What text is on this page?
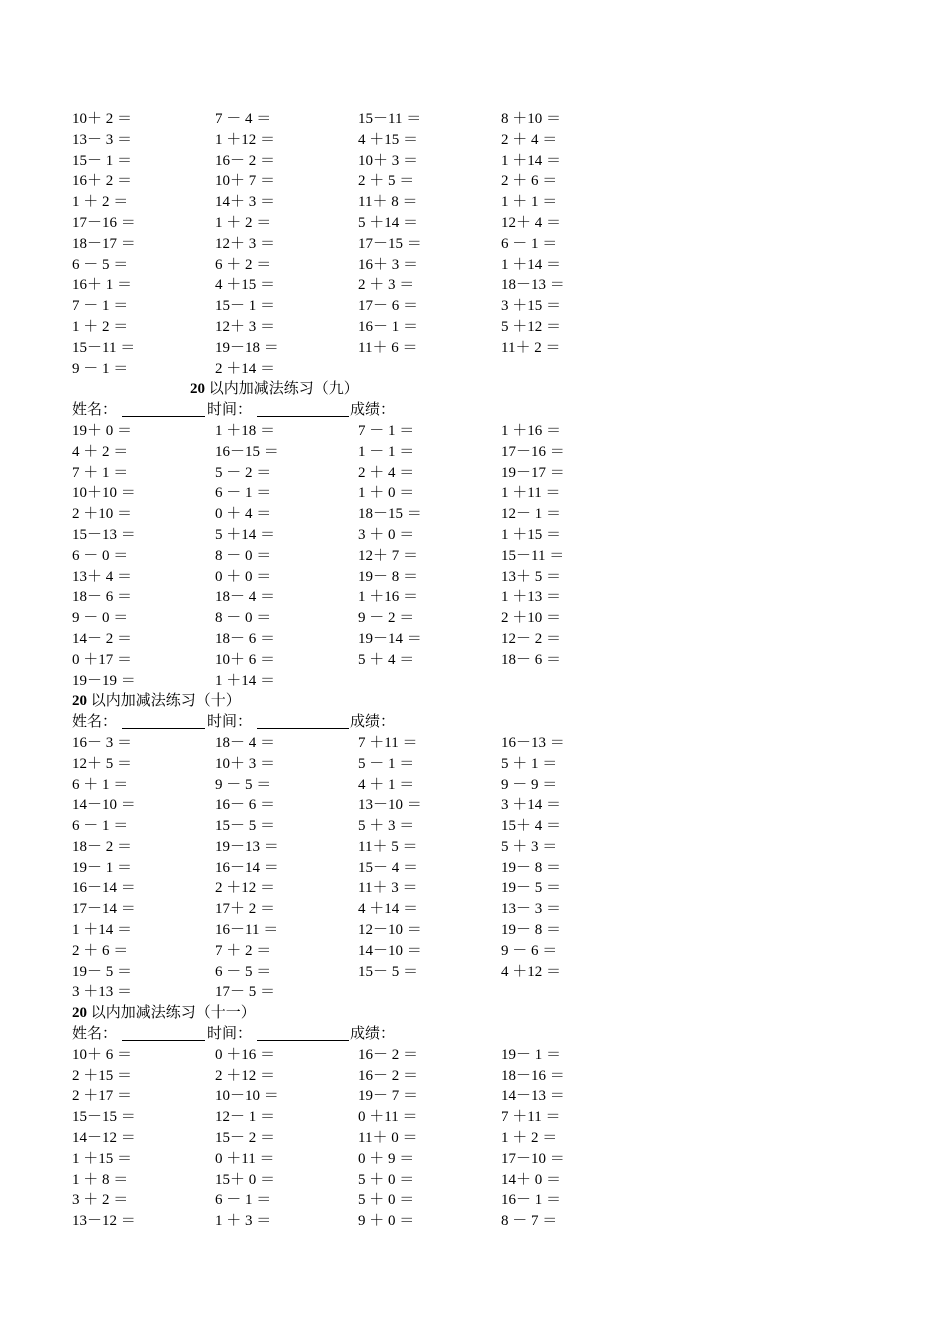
10＋ 2 ＝	7 － 4 ＝	15－11 ＝	8 ＋10 ＝
13－ 3 ＝	1 ＋12 ＝	4 ＋15 ＝	2 ＋ 4 ＝
15－ 1 ＝	16－ 2 ＝	10＋ 3 ＝	1 ＋14 ＝
16＋ 2 ＝	10＋ 7 ＝	2 ＋ 5 ＝	2 ＋ 6 ＝
1 ＋ 2 ＝	14＋ 3 ＝	11＋ 8 ＝	1 ＋ 1 ＝
17－16 ＝	1 ＋ 2 ＝	5 ＋14 ＝	12＋ 4 ＝
18－17 ＝	12＋ 3 ＝	17－15 ＝	6 － 1 ＝
6 － 5 ＝	6 ＋ 2 ＝	16＋ 3 ＝	1 ＋14 ＝
16＋ 1 ＝	4 ＋15 ＝	2 ＋ 3 ＝	18－13 ＝
7 － 1 ＝	15－ 1 ＝	17－ 6 ＝	3 ＋15 ＝
1 ＋ 2 ＝	12＋ 3 ＝	16－ 1 ＝	5 ＋12 ＝
15－11 ＝	19－18 ＝	11＋ 6 ＝	11＋ 2 ＝
9 － 1 ＝	2 ＋14 ＝
20 以内加减法练习（九）
姓名：	时间：	成绩：
19＋ 0 ＝	1 ＋18 ＝	7 － 1 ＝	1 ＋16 ＝
4 ＋ 2 ＝	16－15 ＝	1 － 1 ＝	17－16 ＝
7 ＋ 1 ＝	5 － 2 ＝	2 ＋ 4 ＝	19－17 ＝
10＋10 ＝	6 － 1 ＝	1 ＋ 0 ＝	1 ＋11 ＝
2 ＋10 ＝	0 ＋ 4 ＝	18－15 ＝	12－ 1 ＝
15－13 ＝	5 ＋14 ＝	3 ＋ 0 ＝	1 ＋15 ＝
6 － 0 ＝	8 － 0 ＝	12＋ 7 ＝	15－11 ＝
13＋ 4 ＝	0 ＋ 0 ＝	19－ 8 ＝	13＋ 5 ＝
18－ 6 ＝	18－ 4 ＝	1 ＋16 ＝	1 ＋13 ＝
9 － 0 ＝	8 － 0 ＝	9 － 2 ＝	2 ＋10 ＝
14－ 2 ＝	18－ 6 ＝	19－14 ＝	12－ 2 ＝
0 ＋17 ＝	10＋ 6 ＝	5 ＋ 4 ＝	18－ 6 ＝
19－19 ＝	1 ＋14 ＝
20 以内加减法练习（十）
姓名：	时间：	成绩：
16－ 3 ＝	18－ 4 ＝	7 ＋11 ＝	16－13 ＝
12＋ 5 ＝	10＋ 3 ＝	5 － 1 ＝	5 ＋ 1 ＝
6 ＋ 1 ＝	9 － 5 ＝	4 ＋ 1 ＝	9 － 9 ＝
14－10 ＝	16－ 6 ＝	13－10 ＝	3 ＋14 ＝
6 － 1 ＝	15－ 5 ＝	5 ＋ 3 ＝	15＋ 4 ＝
18－ 2 ＝	19－13 ＝	11＋ 5 ＝	5 ＋ 3 ＝
19－ 1 ＝	16－14 ＝	15－ 4 ＝	19－ 8 ＝
16－14 ＝	2 ＋12 ＝	11＋ 3 ＝	19－ 5 ＝
17－14 ＝	17＋ 2 ＝	4 ＋14 ＝	13－ 3 ＝
1 ＋14 ＝	16－11 ＝	12－10 ＝	19－ 8 ＝
2 ＋ 6 ＝	7 ＋ 2 ＝	14－10 ＝	9 － 6 ＝
19－ 5 ＝	6 － 5 ＝	15－ 5 ＝	4 ＋12 ＝
3 ＋13 ＝	17－ 5 ＝
20 以内加减法练习（十一）
姓名：	时间：	成绩：
10＋ 6 ＝	0 ＋16 ＝	16－ 2 ＝	19－ 1 ＝
2 ＋15 ＝	2 ＋12 ＝	16－ 2 ＝	18－16 ＝
2 ＋17 ＝	10－10 ＝	19－ 7 ＝	14－13 ＝
15－15 ＝	12－ 1 ＝	0 ＋11 ＝	7 ＋11 ＝
14－12 ＝	15－ 2 ＝	11＋ 0 ＝	1 ＋ 2 ＝
1 ＋15 ＝	0 ＋11 ＝	0 ＋ 9 ＝	17－10 ＝
1 ＋ 8 ＝	15＋ 0 ＝	5 ＋ 0 ＝	14＋ 0 ＝
3 ＋ 2 ＝	6 － 1 ＝	5 ＋ 0 ＝	16－ 1 ＝
13－12 ＝	1 ＋ 3 ＝	9 ＋ 0 ＝	8 － 7 ＝
